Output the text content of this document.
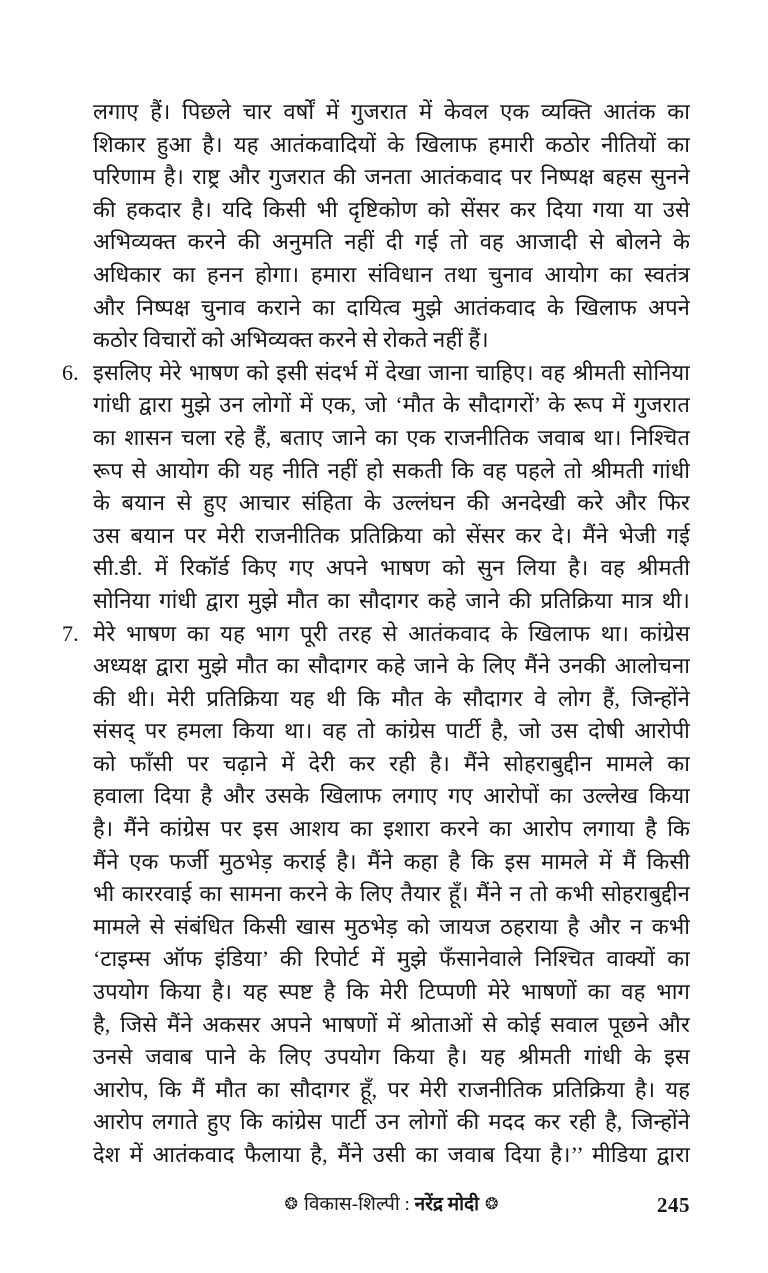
लगाए हैं। पिछले चार वर्षों में गुजरात में केवल एक व्यक्ति आतंक का
शिकार हुआ है। यह आतंकवादियों के खिलाफ हमारी कठोर नीतियों का
परिणाम है। राष्ट्र और गुजरात की जनता आतंकवाद पर निष्पक्ष बहस सुनने
की हकदार है। यदि किसी भी दृष्टिकोण को सेंसर कर दिया गया या उसे
अभिव्यक्त करने की अनुमति नहीं दी गई तो वह आजादी से बोलने के
अधिकार का हनन होगा। हमारा संविधान तथा चुनाव आयोग का स्वतंत्र
और निष्पक्ष चुनाव कराने का दायित्व मुझे आतंकवाद के खिलाफ अपने
कठोर विचारों को अभिव्यक्त करने से रोकते नहीं हैं।
6. इसलिए मेरे भाषण को इसी संदर्भ में देखा जाना चाहिए। वह श्रीमती सोनिया
गांधी द्वारा मुझे उन लोगों में एक, जो ‘मौत के सौदागरों’ के रूप में गुजरात
का शासन चला रहे हैं, बताए जाने का एक राजनीतिक जवाब था। निश्चित
रूप से आयोग की यह नीति नहीं हो सकती कि वह पहले तो श्रीमती गांधी
के बयान से हुए आचार संहिता के उल्लंघन की अनदेखी करे और फिर
उस बयान पर मेरी राजनीतिक प्रतिक्रिया को सेंसर कर दे। मैंने भेजी गई
सी.डी. में रिकॉर्ड किए गए अपने भाषण को सुन लिया है। वह श्रीमती
सोनिया गांधी द्वारा मुझे मौत का सौदागर कहे जाने की प्रतिक्रिया मात्र थी।
7. मेरे भाषण का यह भाग पूरी तरह से आतंकवाद के खिलाफ था। कांग्रेस
अध्यक्ष द्वारा मुझे मौत का सौदागर कहे जाने के लिए मैंने उनकी आलोचना
की थी। मेरी प्रतिक्रिया यह थी कि मौत के सौदागर वे लोग हैं, जिन्होंने
संसद् पर हमला किया था। वह तो कांग्रेस पार्टी है, जो उस दोषी आरोपी
को फाँसी पर चढ़ाने में देरी कर रही है। मैंने सोहराबुद्दीन मामले का
हवाला दिया है और उसके खिलाफ लगाए गए आरोपों का उल्लेख किया
है। मैंने कांग्रेस पर इस आशय का इशारा करने का आरोप लगाया है कि
मैंने एक फर्जी मुठभेड़ कराई है। मैंने कहा है कि इस मामले में मैं किसी
भी काररवाई का सामना करने के लिए तैयार हूँ। मैंने न तो कभी सोहराबुद्दीन
मामले से संबंधित किसी खास मुठभेड़ को जायज ठहराया है और न कभी
‘टाइम्स ऑफ इंडिया’ की रिपोर्ट में मुझे फँसानेवाले निश्चित वाक्यों का
उपयोग किया है। यह स्पष्ट है कि मेरी टिप्पणी मेरे भाषणों का वह भाग
है, जिसे मैंने अकसर अपने भाषणों में श्रोताओं से कोई सवाल पूछने और
उनसे जवाब पाने के लिए उपयोग किया है। यह श्रीमती गांधी के इस
आरोप, कि मैं मौत का सौदागर हूँ, पर मेरी राजनीतिक प्रतिक्रिया है। यह
आरोप लगाते हुए कि कांग्रेस पार्टी उन लोगों की मदद कर रही है, जिन्होंने
देश में आतंकवाद फैलाया है, मैंने उसी का जवाब दिया है।’’ मीडिया द्वारा
❂ विकास-शिल्पी : नरेंद्र मोदी ❂	245
